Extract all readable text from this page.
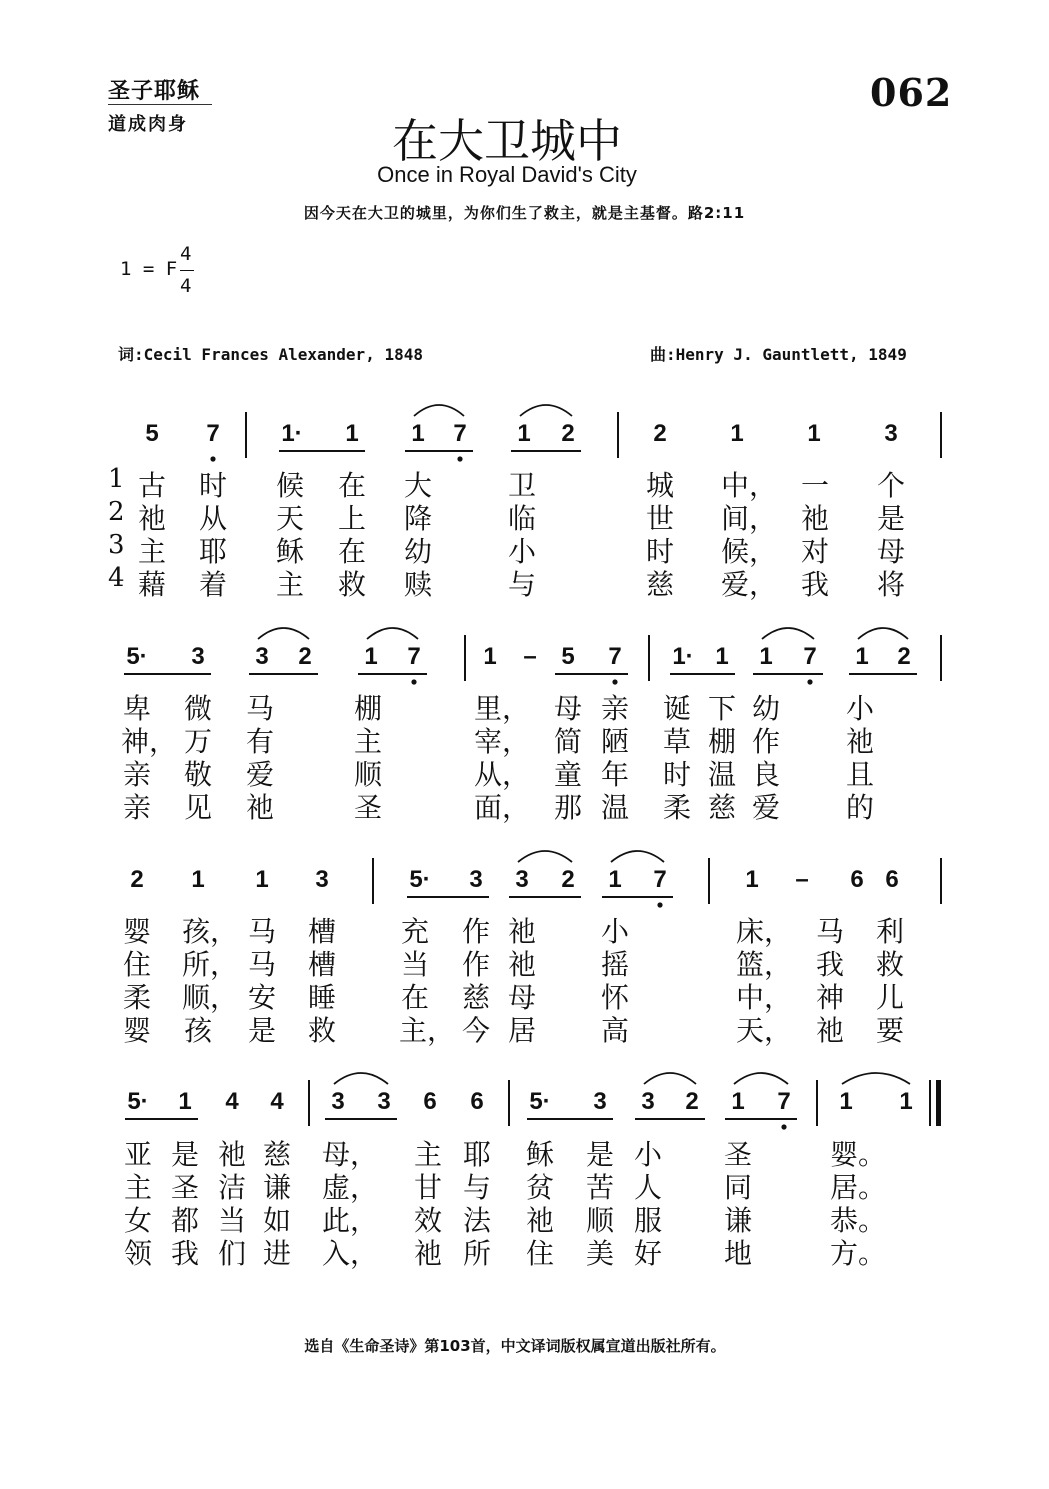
圣子耶稣
道成肉身
062
在大卫城中
Once in Royal David's City
因今天在大卫的城里，为你们生了救主，就是主基督。路2:11
1 = F
4
4
词:Cecil Frances Alexander, 1848	曲:Henry J. Gauntlett, 1849
5 7	1· 1 1 7 1 2	2	1	1	3
1 古 时 候 在 大	卫	城 中， 一 个
2 祂 从 天 上 降	临	世 间， 祂 是
3 主 耶 稣 在 幼	小	时 候， 对 母
4 藉 着 主 救 赎	与	慈 爱， 我 将
5· 3 3 2 1 7	1 – 5 7 1· 1 1 7 1 2
卑 微 马	棚	里， 母 亲 诞 下 幼 小
神， 万 有	主	宰， 简 陋 草 棚 作 祂
亲 敬 爱	顺	从， 童 年 时 温 良 且
亲 见 祂	圣	面， 那 温 柔 慈 爱 的
2 1 1 3	5· 3 3 2 1 7	1 – 6 6
婴 孩， 马 槽 充 作 祂 小	床， 马 利
住 所， 马 槽 当 作 祂 摇	篮， 我 救
柔 顺， 安 睡 在 慈 母 怀	中， 神 儿
婴 孩 是 救 主， 今 居 高	天， 祂 要
5· 1 4 4 3 3 6 6 5· 3 3 2 1 7 1 1
亚 是 祂 慈 母， 主 耶 稣 是 小 圣	婴。
主 圣 洁 谦 虚， 甘 与 贫 苦 人 同	居。
女 都 当 如 此， 效 法 祂 顺 服 谦	恭。
领 我 们 进 入， 祂 所 住 美 好 地	方。
选自《生命圣诗》第103首，中文译词版权属宣道出版社所有。
